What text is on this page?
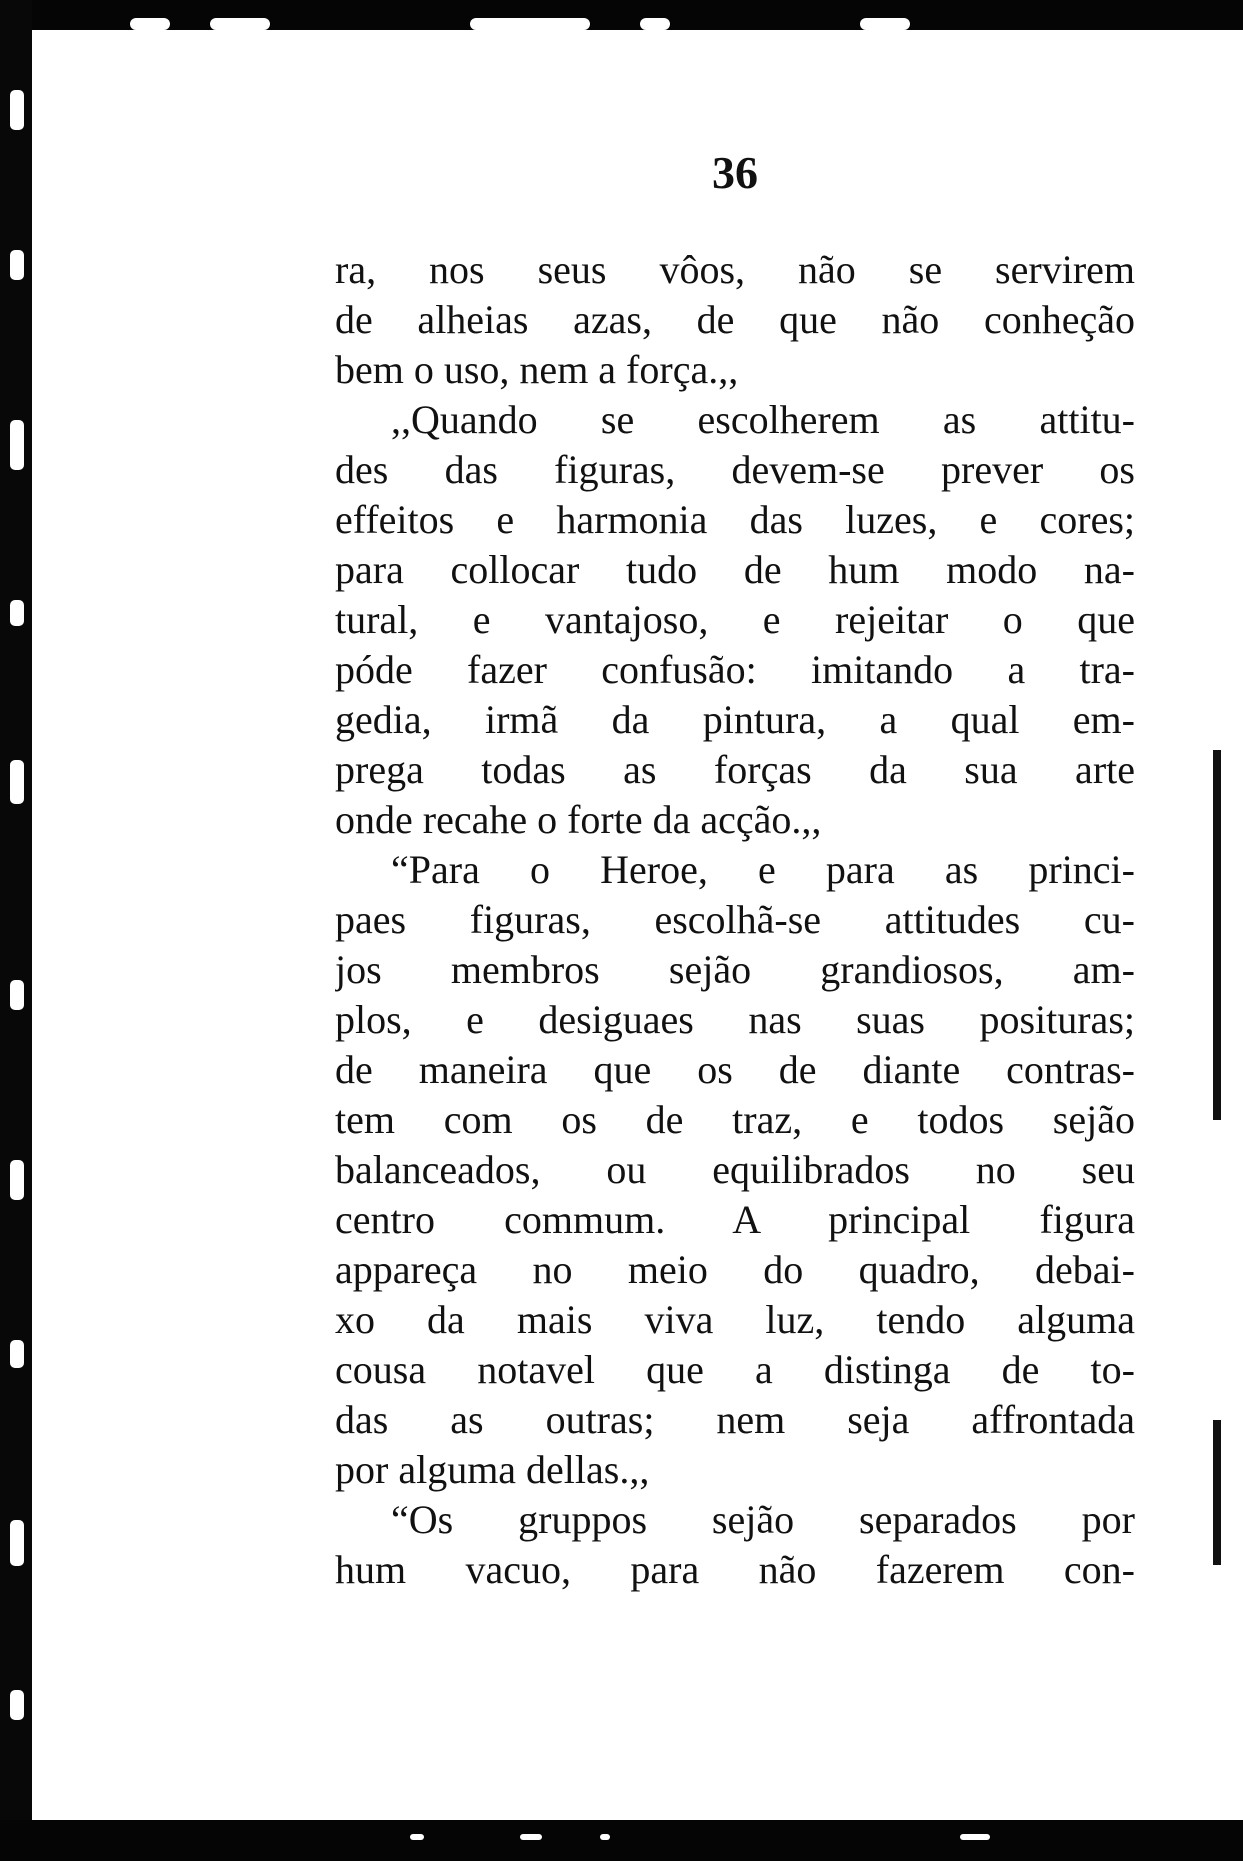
36
ra, nos seus vôos, não se servirem
de alheias azas, de que não conheção
bem o uso, nem a força.,,
,,Quando se escolherem as attitu-
des das figuras, devem-se prever os
effeitos e harmonia das luzes, e cores;
para collocar tudo de hum modo na-
tural, e vantajoso, e rejeitar o que
póde fazer confusão: imitando a tra-
gedia, irmã da pintura, a qual em-
prega todas as forças da sua arte
onde recahe o forte da acção.,,
“Para o Heroe, e para as princi-
paes figuras, escolhã-se attitudes cu-
jos membros sejão grandiosos, am-
plos, e desiguaes nas suas posituras;
de maneira que os de diante contras-
tem com os de traz, e todos sejão
balanceados, ou equilibrados no seu
centro commum. A principal figura
appareça no meio do quadro, debai-
xo da mais viva luz, tendo alguma
cousa notavel que a distinga de to-
das as outras; nem seja affrontada
por alguma dellas.,,
“Os gruppos sejão separados por
hum vacuo, para não fazerem con-
